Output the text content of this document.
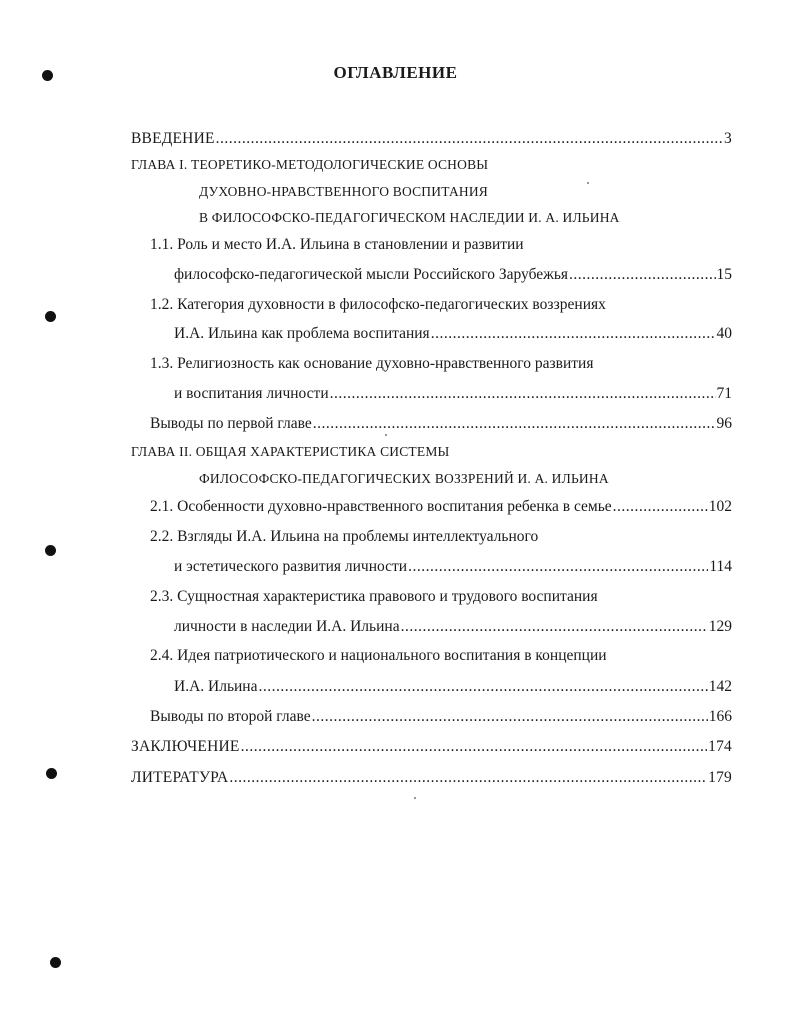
ОГЛАВЛЕНИЕ
ВВЕДЕНИЕ .....	3
ГЛАВА I. ТЕОРЕТИКО-МЕТОДОЛОГИЧЕСКИЕ ОСНОВЫ
ДУХОВНО-НРАВСТВЕННОГО ВОСПИТАНИЯ
В ФИЛОСОФСКО-ПЕДАГОГИЧЕСКОМ НАСЛЕДИИ И. А. ИЛЬИНА
1.1. Роль и место И.А. Ильина в становлении и развитии
философско-педагогической мысли Российского Зарубежья .....	15
1.2. Категория духовности в философско-педагогических воззрениях
И.А. Ильина как проблема воспитания .....	40
1.3. Религиозность как основание духовно-нравственного развития
и воспитания личности .....	71
Выводы по первой главе .....	96
ГЛАВА II. ОБЩАЯ ХАРАКТЕРИСТИКА СИСТЕМЫ
ФИЛОСОФСКО-ПЕДАГОГИЧЕСКИХ ВОЗЗРЕНИЙ И. А. ИЛЬИНА
2.1. Особенности духовно-нравственного воспитания ребенка в семье .....	102
2.2. Взгляды И.А. Ильина на проблемы интеллектуального
и эстетического развития личности .....	114
2.3. Сущностная характеристика правового и трудового воспитания
личности в наследии И.А. Ильина .....	129
2.4. Идея патриотического и национального воспитания в концепции
И.А. Ильина .....	142
Выводы по второй главе .....	166
ЗАКЛЮЧЕНИЕ .....	174
ЛИТЕРАТУРА .....	179
